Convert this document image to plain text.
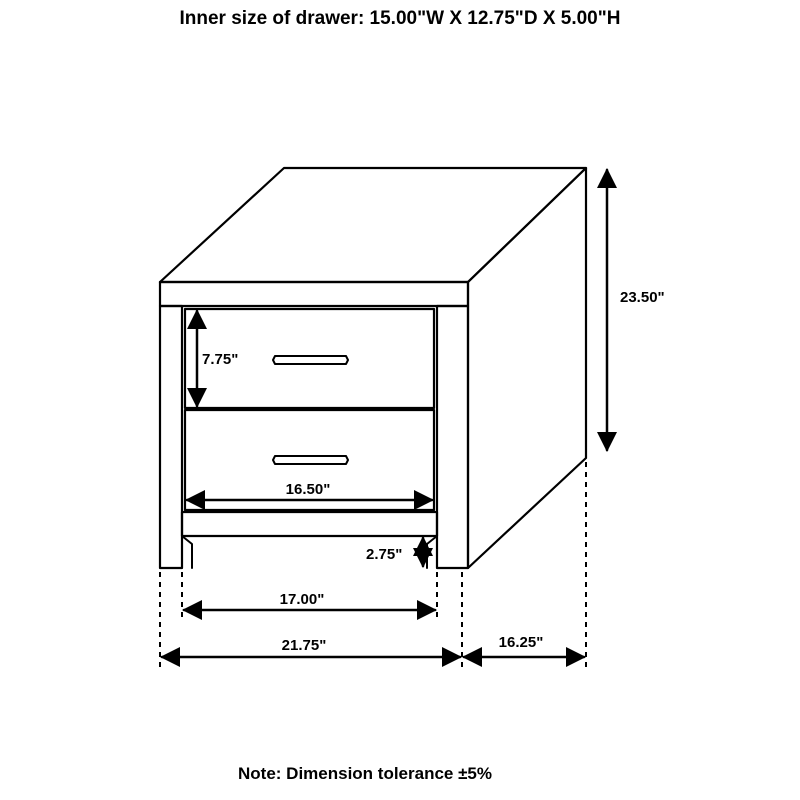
Inner size of drawer: 15.00"W X 12.75"D X 5.00"H
23.50"
7.75"
16.50"
2.75"
17.00"
21.75"	16.25"
Note: Dimension tolerance ±5%
